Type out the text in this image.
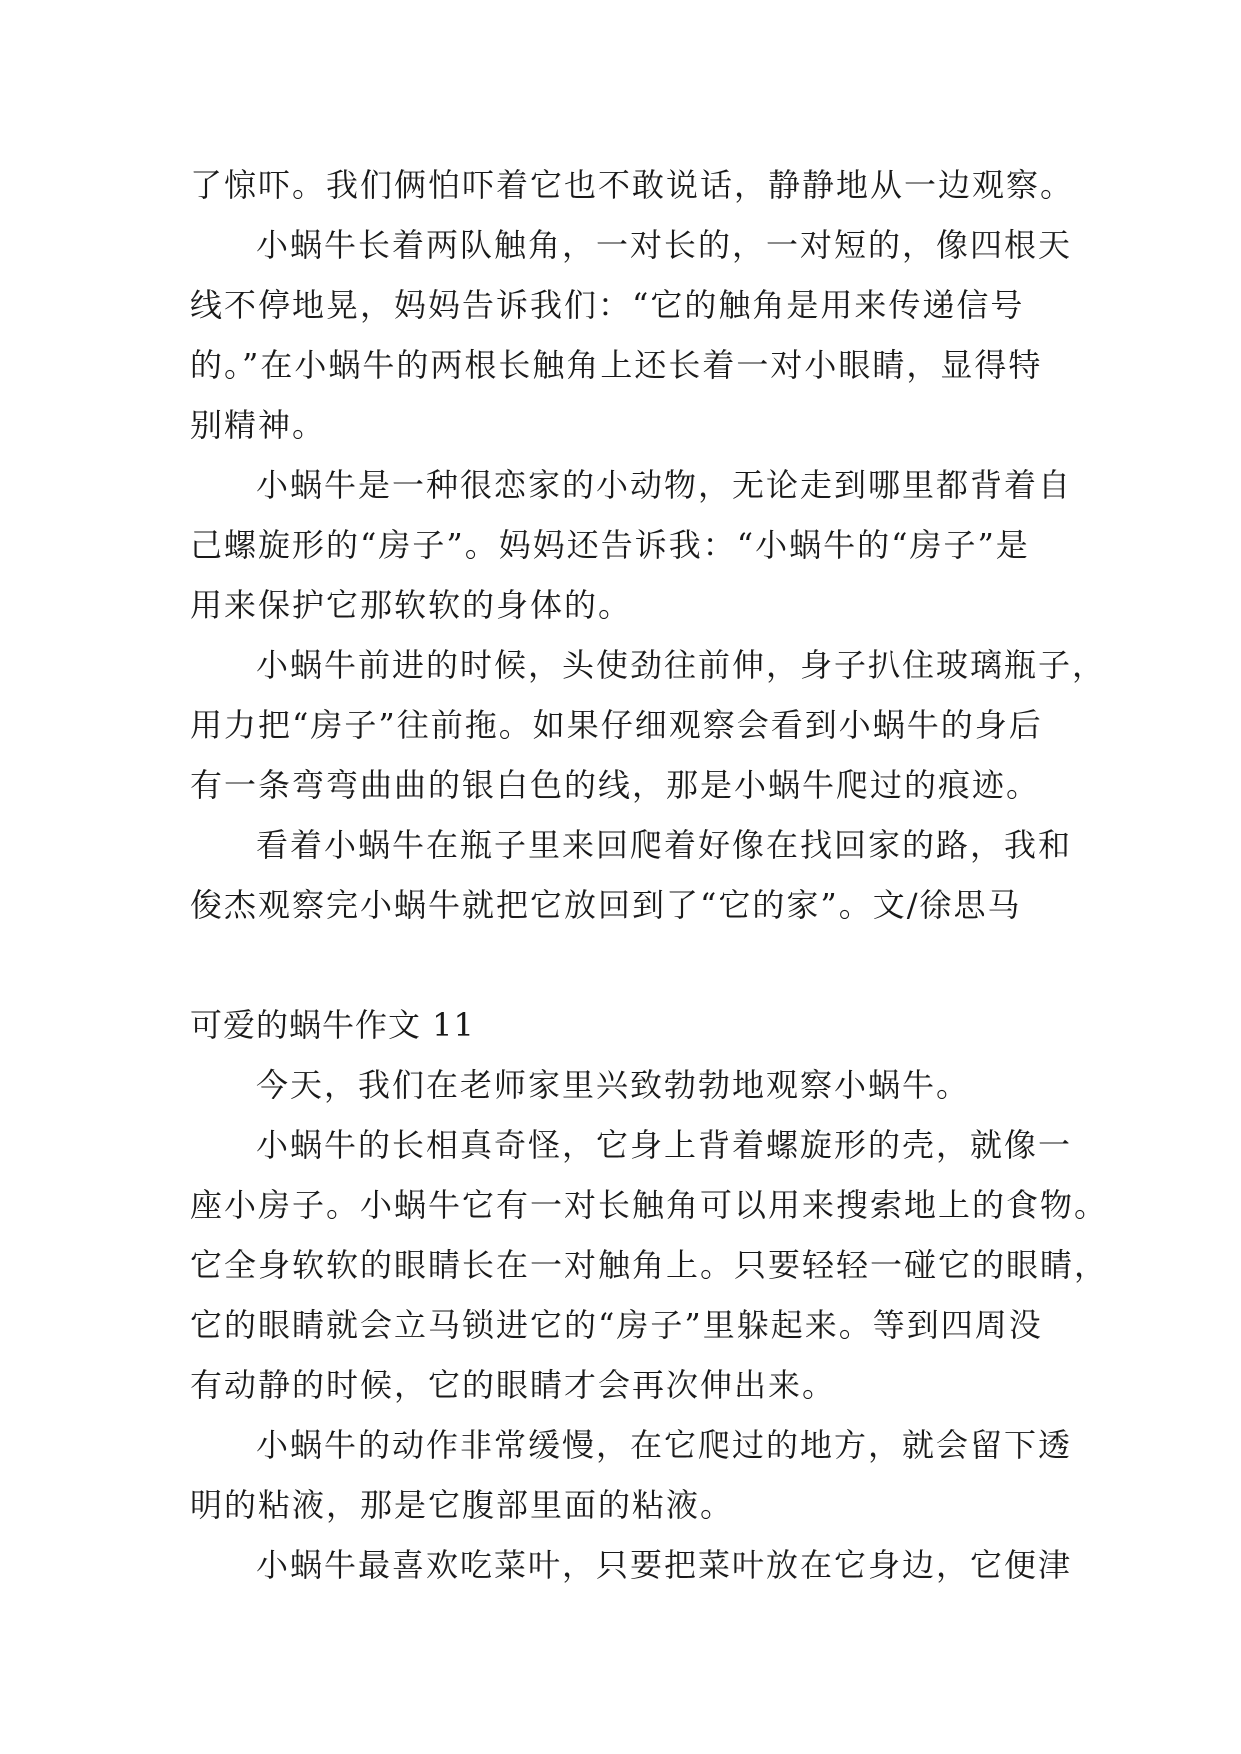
了惊吓。我们俩怕吓着它也不敢说话，静静地从一边观察。
小蜗牛长着两队触角，一对长的，一对短的，像四根天
线不停地晃，妈妈告诉我们：“它的触角是用来传递信号
的。”在小蜗牛的两根长触角上还长着一对小眼睛，显得特
别精神。
小蜗牛是一种很恋家的小动物，无论走到哪里都背着自
己螺旋形的“房子”。妈妈还告诉我：“小蜗牛的“房子”是
用来保护它那软软的身体的。
小蜗牛前进的时候，头使劲往前伸，身子扒住玻璃瓶子，
用力把“房子”往前拖。如果仔细观察会看到小蜗牛的身后
有一条弯弯曲曲的银白色的线，那是小蜗牛爬过的痕迹。
看着小蜗牛在瓶子里来回爬着好像在找回家的路，我和
俊杰观察完小蜗牛就把它放回到了“它的家”。文/徐思马
可爱的蜗牛作文 11
今天，我们在老师家里兴致勃勃地观察小蜗牛。
小蜗牛的长相真奇怪，它身上背着螺旋形的壳，就像一
座小房子。小蜗牛它有一对长触角可以用来搜索地上的食物。
它全身软软的眼睛长在一对触角上。只要轻轻一碰它的眼睛，
它的眼睛就会立马锁进它的“房子”里躲起来。等到四周没
有动静的时候，它的眼睛才会再次伸出来。
小蜗牛的动作非常缓慢，在它爬过的地方，就会留下透
明的粘液，那是它腹部里面的粘液。
小蜗牛最喜欢吃菜叶，只要把菜叶放在它身边，它便津
